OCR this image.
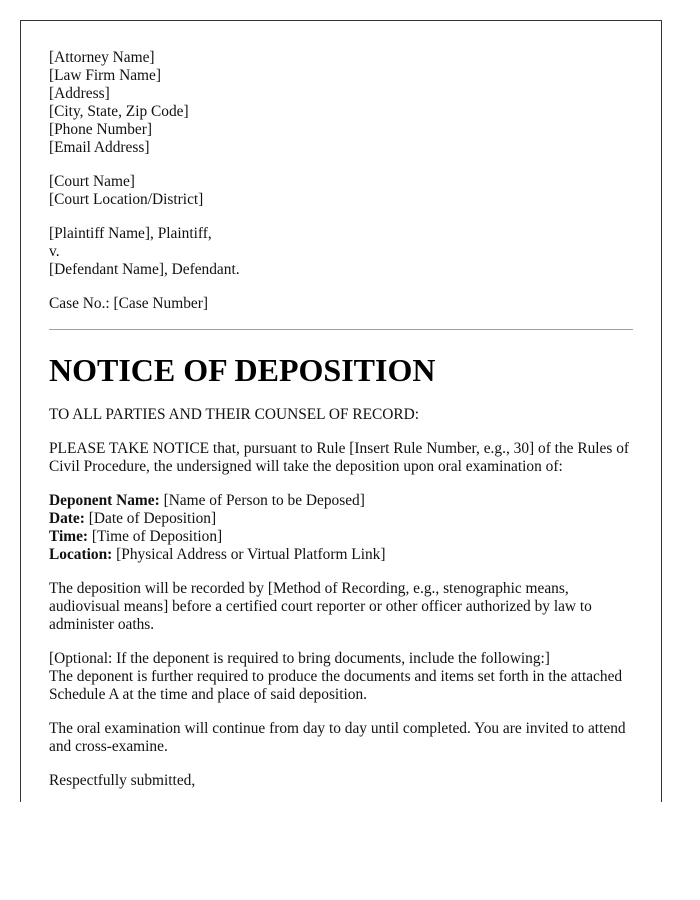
[Attorney Name]
[Law Firm Name]
[Address]
[City, State, Zip Code]
[Phone Number]
[Email Address]
[Court Name]
[Court Location/District]
[Plaintiff Name], Plaintiff,
v.
[Defendant Name], Defendant.
Case No.: [Case Number]
NOTICE OF DEPOSITION

TO ALL PARTIES AND THEIR COUNSEL OF RECORD:

PLEASE TAKE NOTICE that, pursuant to Rule [Insert Rule Number, e.g., 30] of the Rules of Civil Procedure, the undersigned will take the deposition upon oral examination of:

Deponent Name: [Name of Person to be Deposed]
Date: [Date of Deposition]
Time: [Time of Deposition]
Location: [Physical Address or Virtual Platform Link]

The deposition will be recorded by [Method of Recording, e.g., stenographic means, audiovisual means] before a certified court reporter or other officer authorized by law to administer oaths.

[Optional: If the deponent is required to bring documents, include the following:]
The deponent is further required to produce the documents and items set forth in the attached Schedule A at the time and place of said deposition.

The oral examination will continue from day to day until completed. You are invited to attend and cross-examine.

Respectfully submitted,
